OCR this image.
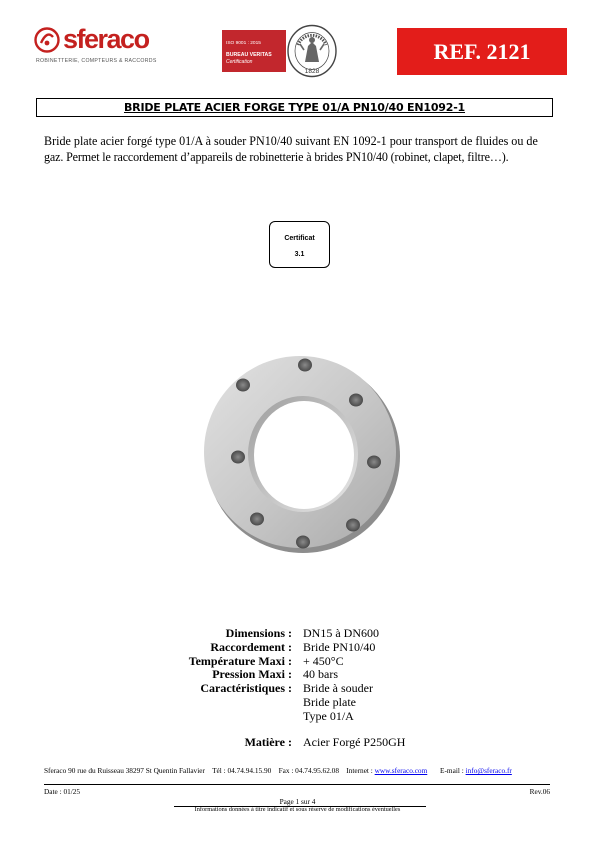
sferaco
ROBINETTERIE, COMPTEURS & RACCORDS
ISO 9001 : 2015
BUREAU VERITAS
Certification
1828
REF. 2121
BRIDE PLATE ACIER FORGE TYPE 01/A PN10/40 EN1092-1
Bride plate acier forgé type 01/A à souder PN10/40 suivant EN 1092-1 pour transport de fluides ou de
gaz. Permet le raccordement d’appareils de robinetterie à brides PN10/40 (robinet, clapet, filtre…).
Certificat
3.1
Dimensions : DN15 à DN600
Raccordement : Bride PN10/40
Température Maxi : + 450°C
Pression Maxi : 40 bars
Caractéristiques : Bride à souder
Bride plate
Type 01/A
Matière : Acier Forgé P250GH
Sferaco 90 rue du Ruisseau 38297 St Quentin Fallavier Tél : 04.74.94.15.90 Fax : 04.74.95.62.08 Internet : www.sferaco.com E-mail : info@sferaco.fr
Date : 01/25	Rev.06
Page 1 sur 4
Informations données à titre indicatif et sous réserve de modifications éventuelles
